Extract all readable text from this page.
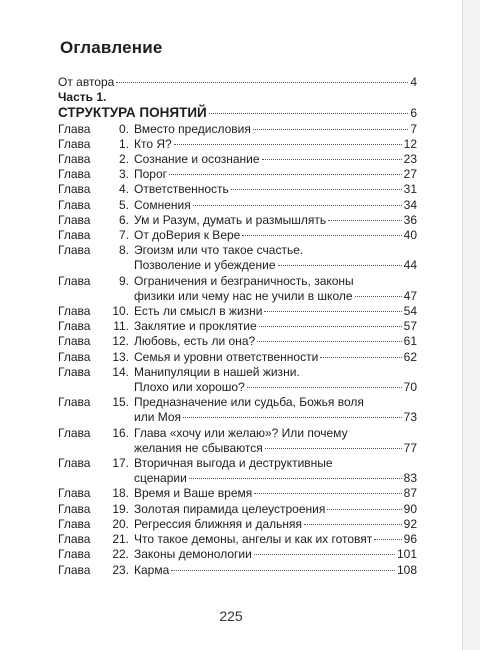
Оглавление
От автора	4
Часть 1.
СТРУКТУРА ПОНЯТИЙ	6
Глава	0. Вместо предисловия	7
Глава	1. Кто Я?	12
Глава	2. Сознание и осознание	23
Глава	3. Порог	27
Глава	4. Ответственность	31
Глава	5. Сомнения	34
Глава	6. Ум и Разум, думать и размышлять	36
Глава	7. От доВерия к Вере	40
Глава	8. Эгоизм или что такое счастье.
Позволение и убеждение	44
Глава	9. Ограничения и безграничность, законы
физики или чему нас не учили в школе	47
Глава	10. Есть ли смысл в жизни	54
Глава	11. Заклятие и проклятие	57
Глава	12. Любовь, есть ли она?	61
Глава	13. Семья и уровни ответственности	62
Глава	14. Манипуляции в нашей жизни.
Плохо или хорошо?	70
Глава	15. Предназначение или судьба, Божья воля
или Моя	73
Глава	16. Глава «хочу или желаю»? Или почему
желания не сбываются	77
Глава	17. Вторичная выгода и деструктивные
сценарии	83
Глава	18. Время и Ваше время	87
Глава	19. Золотая пирамида целеустроения	90
Глава	20. Регрессия ближняя и дальняя	92
Глава	21. Что такое демоны, ангелы и как их готовят	96
Глава	22. Законы демонологии	101
Глава	23. Карма	108
225
